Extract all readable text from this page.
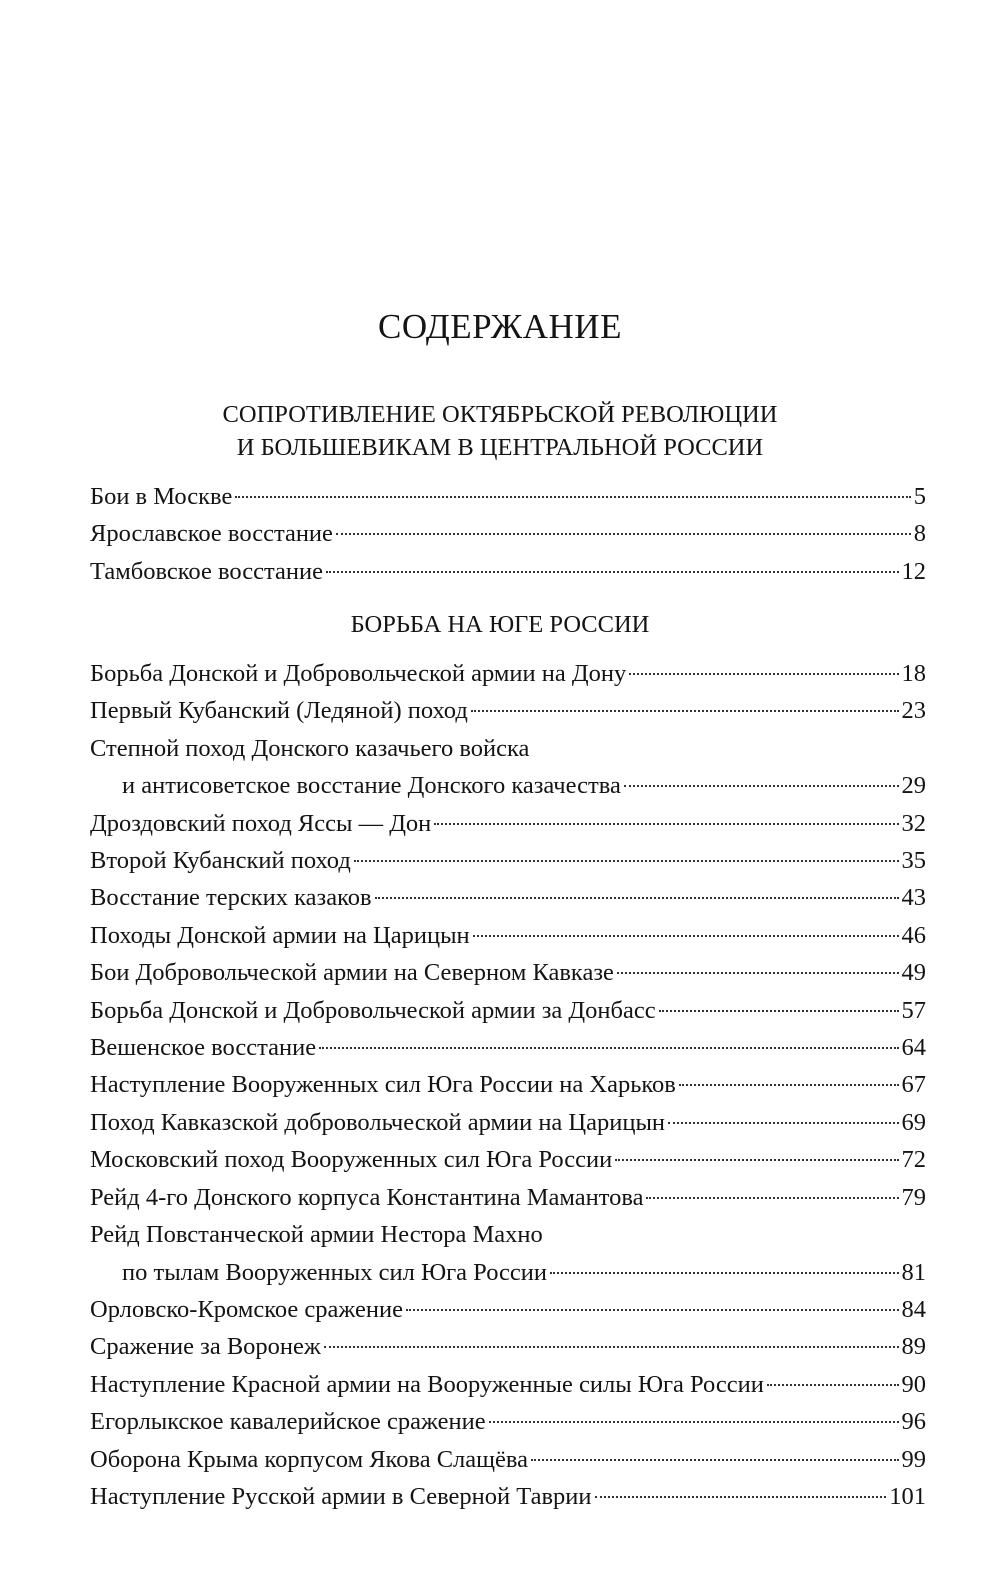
СОДЕРЖАНИЕ
СОПРОТИВЛЕНИЕ ОКТЯБРЬСКОЙ РЕВОЛЮЦИИ
И БОЛЬШЕВИКАМ В ЦЕНТРАЛЬНОЙ РОССИИ
Бои в Москве	5
Ярославское восстание	8
Тамбовское восстание	12
БОРЬБА НА ЮГЕ РОССИИ
Борьба Донской и Добровольческой армии на Дону	18
Первый Кубанский (Ледяной) поход	23
Степной поход Донского казачьего войска
и антисоветское восстание Донского казачества	29
Дроздовский поход Яссы — Дон	32
Второй Кубанский поход	35
Восстание терских казаков	43
Походы Донской армии на Царицын	46
Бои Добровольческой армии на Северном Кавказе	49
Борьба Донской и Добровольческой армии за Донбасс	57
Вешенское восстание	64
Наступление Вооруженных сил Юга России на Харьков	67
Поход Кавказской добровольческой армии на Царицын	69
Московский поход Вооруженных сил Юга России	72
Рейд 4-го Донского корпуса Константина Мамантова	79
Рейд Повстанческой армии Нестора Махно
по тылам Вооруженных сил Юга России	81
Орловско-Кромское сражение	84
Сражение за Воронеж	89
Наступление Красной армии на Вооруженные силы Юга России	90
Егорлыкское кавалерийское сражение	96
Оборона Крыма корпусом Якова Слащёва	99
Наступление Русской армии в Северной Таврии	101
